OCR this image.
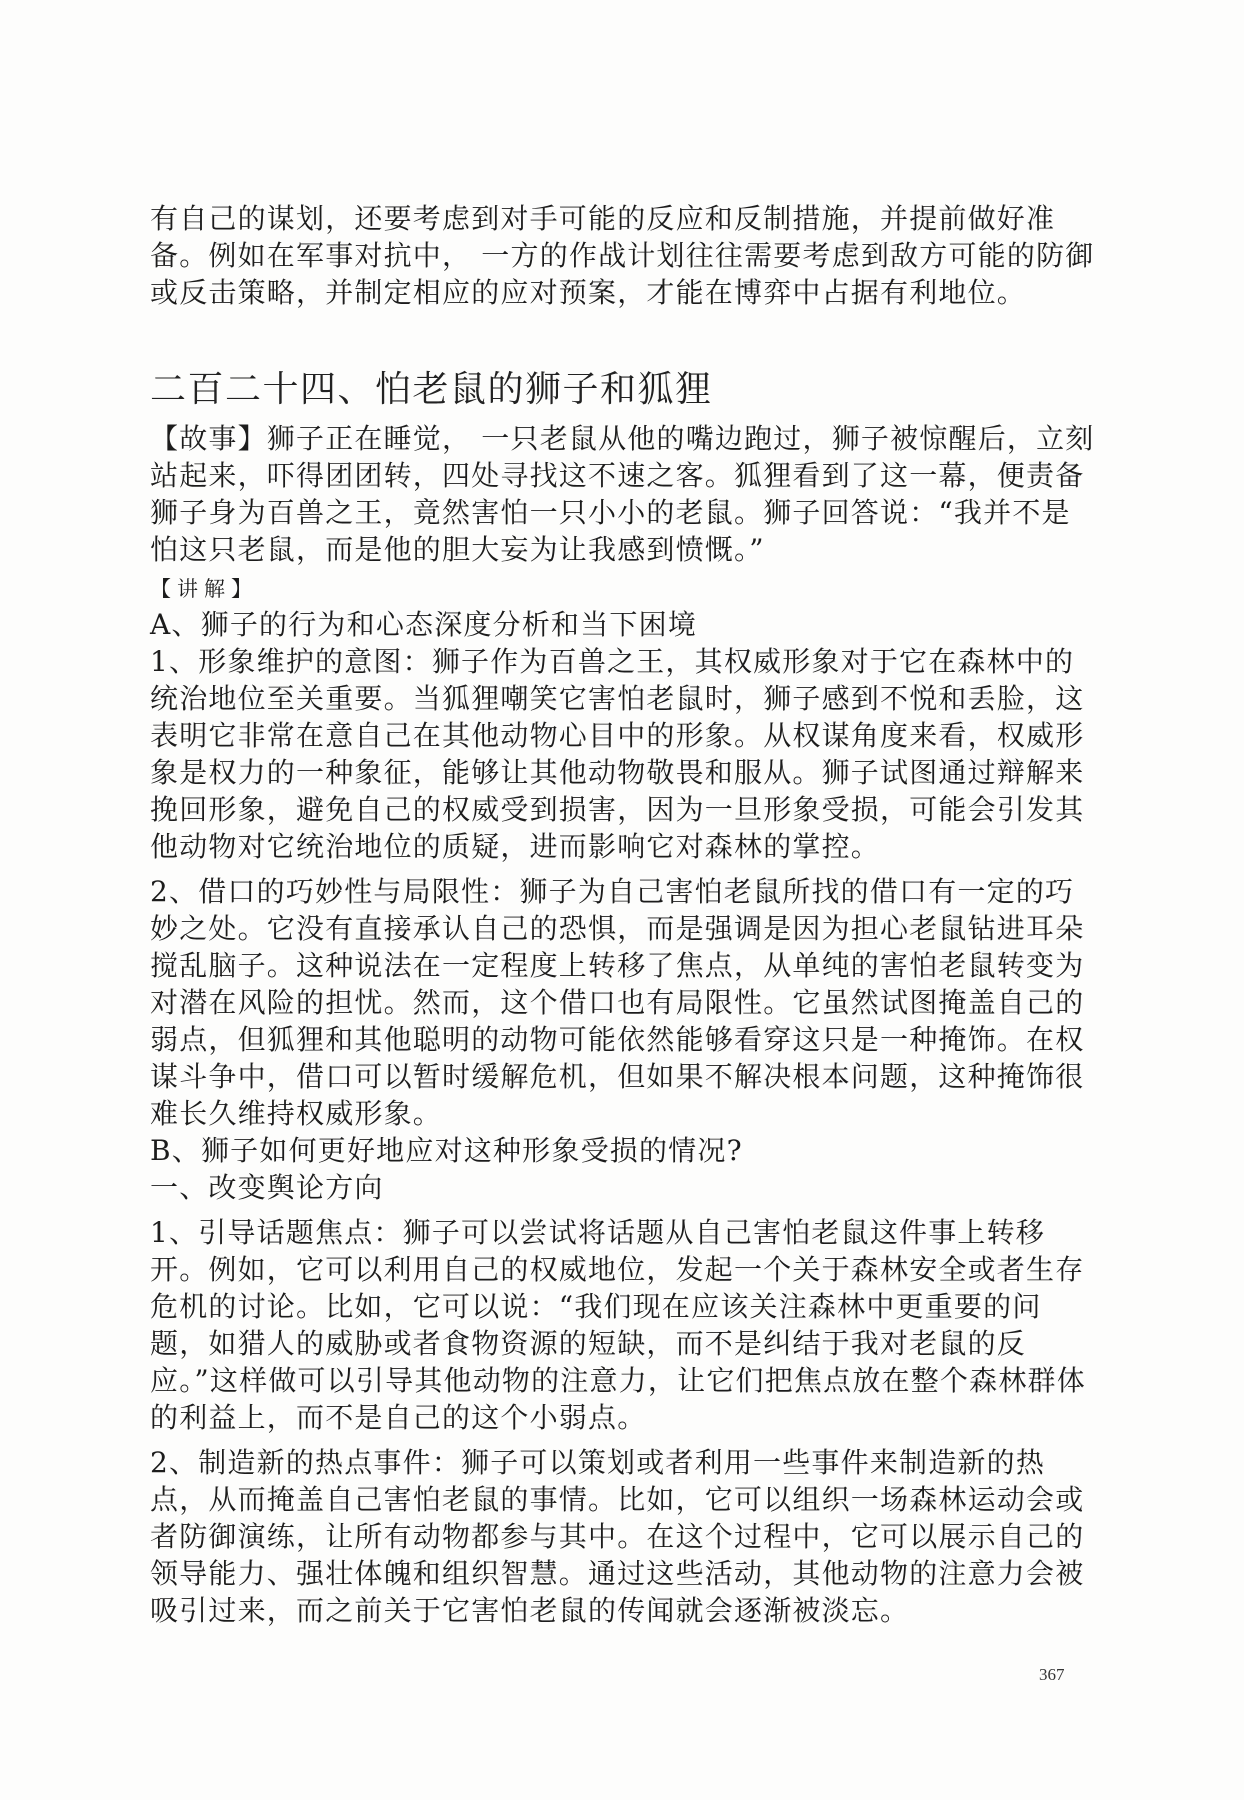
有自己的谋划，还要考虑到对手可能的反应和反制措施，并提前做好准备。例如在军事对抗中， 一方的作战计划往往需要考虑到敌方可能的防御或反击策略，并制定相应的应对预案，才能在博弈中占据有利地位。

二百二十四、怕老鼠的狮子和狐狸

【故事】狮子正在睡觉， 一只老鼠从他的嘴边跑过，狮子被惊醒后，立刻站起来，吓得团团转，四处寻找这不速之客。狐狸看到了这一幕，便责备狮子身为百兽之王，竟然害怕一只小小的老鼠。狮子回答说：“我并不是怕这只老鼠，而是他的胆大妄为让我感到愤慨。”

【讲解】

A、狮子的行为和心态深度分析和当下困境

1、形象维护的意图：狮子作为百兽之王，其权威形象对于它在森林中的统治地位至关重要。当狐狸嘲笑它害怕老鼠时，狮子感到不悦和丢脸，这表明它非常在意自己在其他动物心目中的形象。从权谋角度来看，权威形象是权力的一种象征，能够让其他动物敬畏和服从。狮子试图通过辩解来挽回形象，避免自己的权威受到损害，因为一旦形象受损，可能会引发其他动物对它统治地位的质疑，进而影响它对森林的掌控。

2、借口的巧妙性与局限性：狮子为自己害怕老鼠所找的借口有一定的巧妙之处。它没有直接承认自己的恐惧，而是强调是因为担心老鼠钻进耳朵搅乱脑子。这种说法在一定程度上转移了焦点，从单纯的害怕老鼠转变为对潜在风险的担忧。然而，这个借口也有局限性。它虽然试图掩盖自己的弱点，但狐狸和其他聪明的动物可能依然能够看穿这只是一种掩饰。在权谋斗争中，借口可以暂时缓解危机，但如果不解决根本问题，这种掩饰很难长久维持权威形象。

B、狮子如何更好地应对这种形象受损的情况?

一、改变舆论方向

1、引导话题焦点：狮子可以尝试将话题从自己害怕老鼠这件事上转移开。例如，它可以利用自己的权威地位，发起一个关于森林安全或者生存危机的讨论。比如，它可以说：“我们现在应该关注森林中更重要的问题，如猎人的威胁或者食物资源的短缺，而不是纠结于我对老鼠的反应。”这样做可以引导其他动物的注意力，让它们把焦点放在整个森林群体的利益上，而不是自己的这个小弱点。

2、制造新的热点事件：狮子可以策划或者利用一些事件来制造新的热点，从而掩盖自己害怕老鼠的事情。比如，它可以组织一场森林运动会或者防御演练，让所有动物都参与其中。在这个过程中，它可以展示自己的领导能力、强壮体魄和组织智慧。通过这些活动，其他动物的注意力会被吸引过来，而之前关于它害怕老鼠的传闻就会逐渐被淡忘。

367
